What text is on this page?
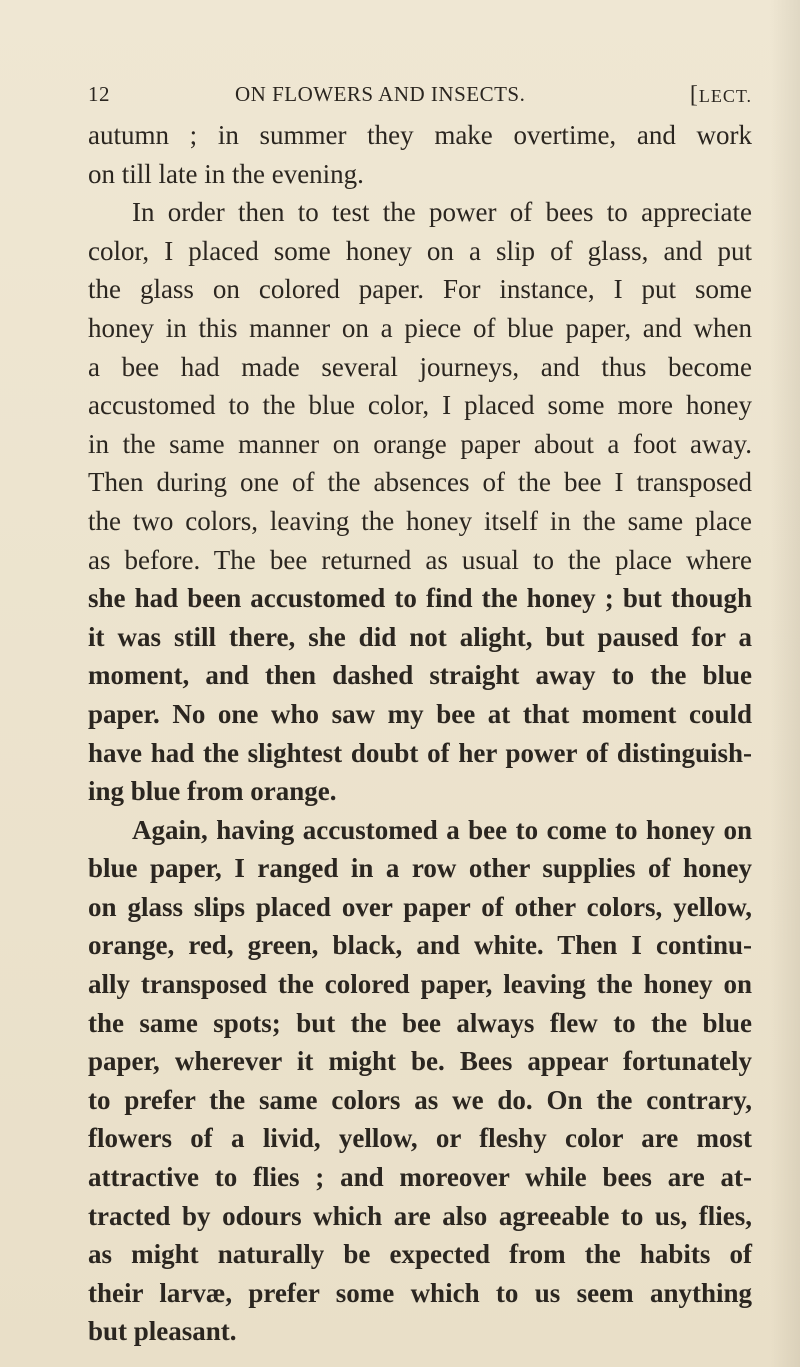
12	ON FLOWERS AND INSECTS.	[LECT.
autumn ; in summer they make overtime, and work
on till late in the evening.
In order then to test the power of bees to appreciate
color, I placed some honey on a slip of glass, and put
the glass on colored paper. For instance, I put some
honey in this manner on a piece of blue paper, and when
a bee had made several journeys, and thus become
accustomed to the blue color, I placed some more honey
in the same manner on orange paper about a foot away.
Then during one of the absences of the bee I transposed
the two colors, leaving the honey itself in the same place
as before. The bee returned as usual to the place where
she had been accustomed to find the honey ; but though
it was still there, she did not alight, but paused for a
moment, and then dashed straight away to the blue
paper. No one who saw my bee at that moment could
have had the slightest doubt of her power of distinguish-
ing blue from orange.
Again, having accustomed a bee to come to honey on
blue paper, I ranged in a row other supplies of honey
on glass slips placed over paper of other colors, yellow,
orange, red, green, black, and white. Then I continu-
ally transposed the colored paper, leaving the honey on
the same spots; but the bee always flew to the blue
paper, wherever it might be. Bees appear fortunately
to prefer the same colors as we do. On the contrary,
flowers of a livid, yellow, or fleshy color are most
attractive to flies ; and moreover while bees are at-
tracted by odours which are also agreeable to us, flies,
as might naturally be expected from the habits of
their larvæ, prefer some which to us seem anything
but pleasant.
